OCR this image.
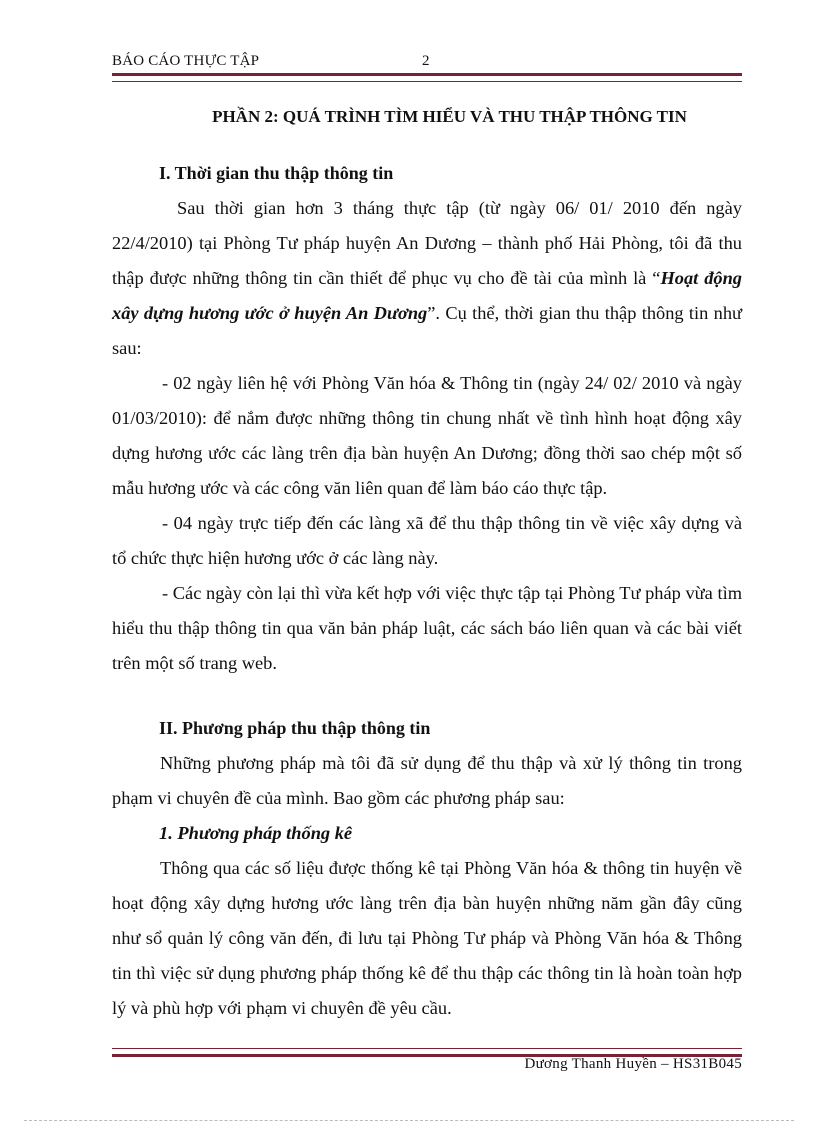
BÁO CÁO THỰC TẬP	2
PHẦN 2: QUÁ TRÌNH TÌM HIỂU VÀ THU THẬP THÔNG TIN
I. Thời gian thu thập thông tin

Sau thời gian hơn 3 tháng thực tập (từ ngày 06/ 01/ 2010 đến ngày 22/4/2010) tại Phòng Tư pháp huyện An Dương – thành phố Hải Phòng, tôi đã thu thập được những thông tin cần thiết để phục vụ cho đề tài của mình là “Hoạt động xây dựng hương ước ở huyện An Dương”. Cụ thể, thời gian thu thập thông tin như sau:

- 02 ngày liên hệ với Phòng Văn hóa & Thông tin (ngày 24/ 02/ 2010 và ngày 01/03/2010): để nắm được những thông tin chung nhất về tình hình hoạt động xây dựng hương ước các làng trên địa bàn huyện An Dương; đồng thời sao chép một số mẫu hương ước và các công văn liên quan để làm báo cáo thực tập.

- 04 ngày trực tiếp đến các làng xã để thu thập thông tin về việc xây dựng và tổ chức thực hiện hương ước ở các làng này.

- Các ngày còn lại thì vừa kết hợp với việc thực tập tại Phòng Tư pháp vừa tìm hiểu thu thập thông tin qua văn bản pháp luật, các sách báo liên quan và các bài viết trên một số trang web.

II. Phương pháp thu thập thông tin

Những phương pháp mà tôi đã sử dụng để thu thập và xử lý thông tin trong phạm vi chuyên đề của mình. Bao gồm các phương pháp sau:

1. Phương pháp thống kê

Thông qua các số liệu được thống kê tại Phòng Văn hóa & thông tin huyện về hoạt động xây dựng hương ước làng trên địa bàn huyện những năm gần đây cũng như sổ quản lý công văn đến, đi lưu tại Phòng Tư pháp và Phòng Văn hóa & Thông tin thì việc sử dụng phương pháp thống kê để thu thập các thông tin là hoàn toàn hợp lý và phù hợp với phạm vi chuyên đề yêu cầu.

Dương Thanh Huyền – HS31B045
